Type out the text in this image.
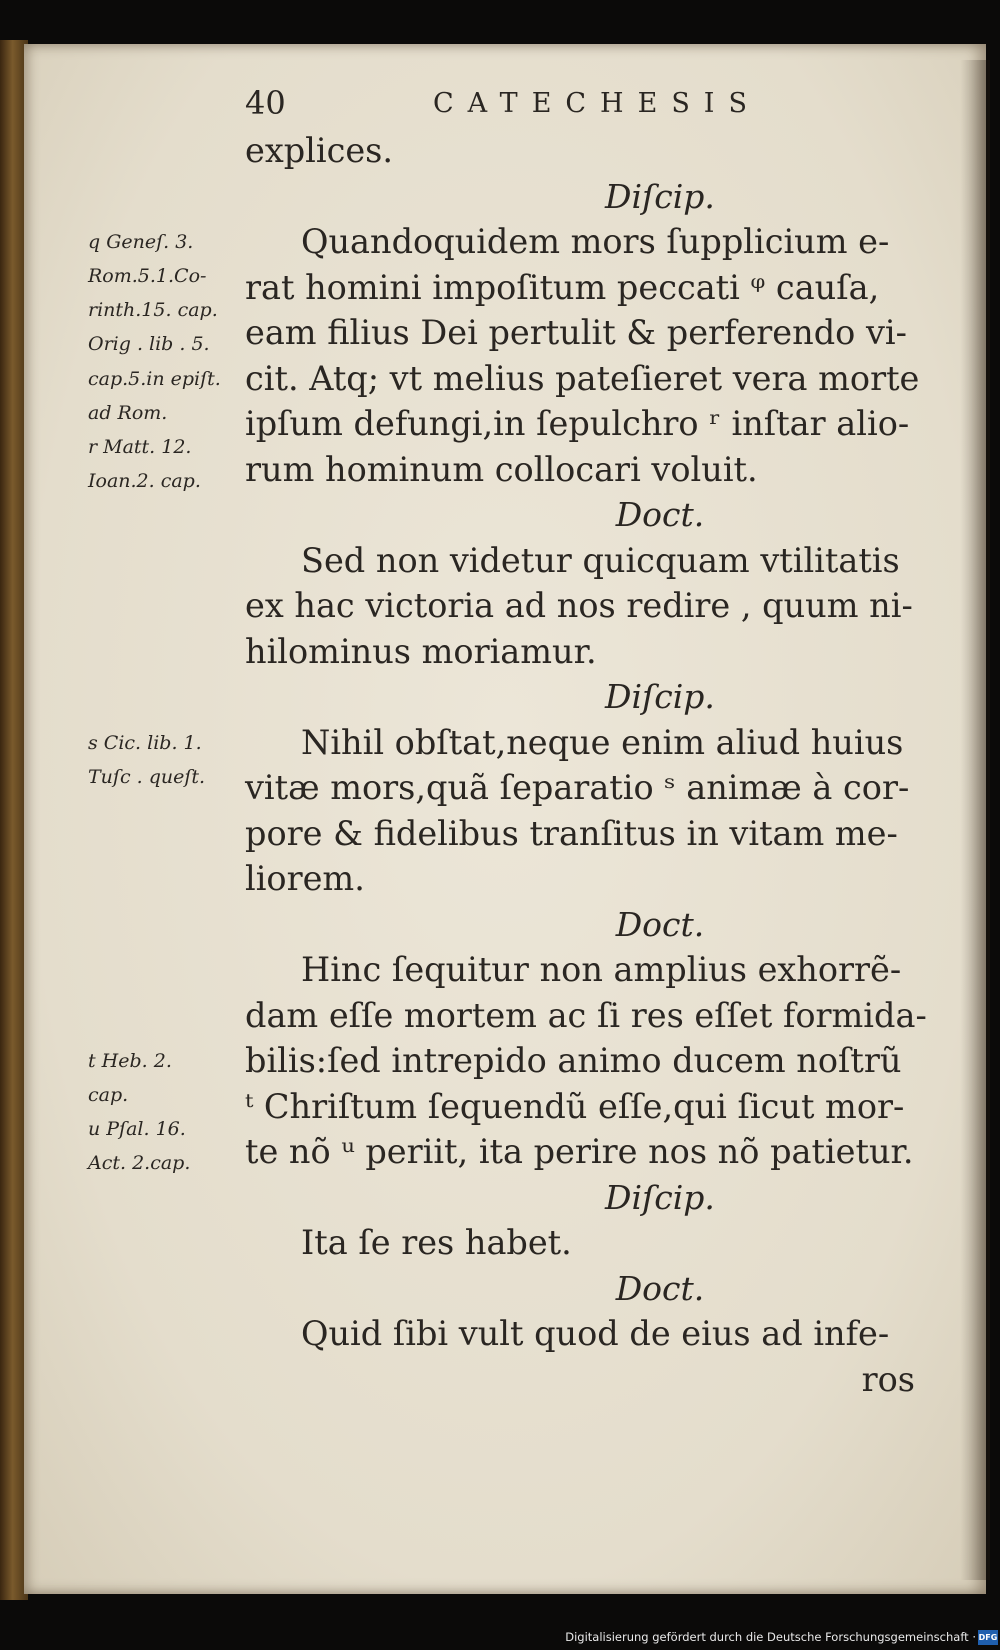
40	CATECHESIS
q Geneſ. 3.
Rom.5.1.Co-
rinth.15. cap.
Orig . lib . 5.
cap.5.in epiſt.
ad Rom.
r Matt. 12.
Ioan.2. cap.
s Cic. lib. 1.
Tuſc . queſt.
t Heb. 2.
cap.
u Pſal. 16.
Act. 2.cap.
explices.
Diſcip.
Quandoquidem mors ſupplicium e-
rat homini impoſitum peccati ᵠ cauſa,
eam filius Dei pertulit & perferendo vi-
cit. Atq; vt melius pateſieret vera morte
ipſum defungi,in ſepulchro ʳ inſtar alio-
rum hominum collocari voluit.
Doct.
Sed non videtur quicquam vtilitatis
ex hac victoria ad nos redire , quum ni-
hilominus moriamur.
Diſcip.
Nihil obſtat,neque enim aliud huius
vitæ mors,quã ſeparatio ˢ animæ à cor-
pore & fidelibus tranſitus in vitam me-
liorem.
Doct.
Hinc ſequitur non amplius exhorrẽ-
dam eſſe mortem ac ſi res eſſet formida-
bilis:ſed intrepido animo ducem noſtrũ
ᵗ Chriſtum ſequendũ eſſe,qui ſicut mor-
te nõ ᵘ periit, ita perire nos nõ patietur.
Diſcip.
Ita ſe res habet.
Doct.
Quid ſibi vult quod de eius ad infe-
ros
Digitalisierung gefördert durch die Deutsche Forschungsgemeinschaft · DFG
